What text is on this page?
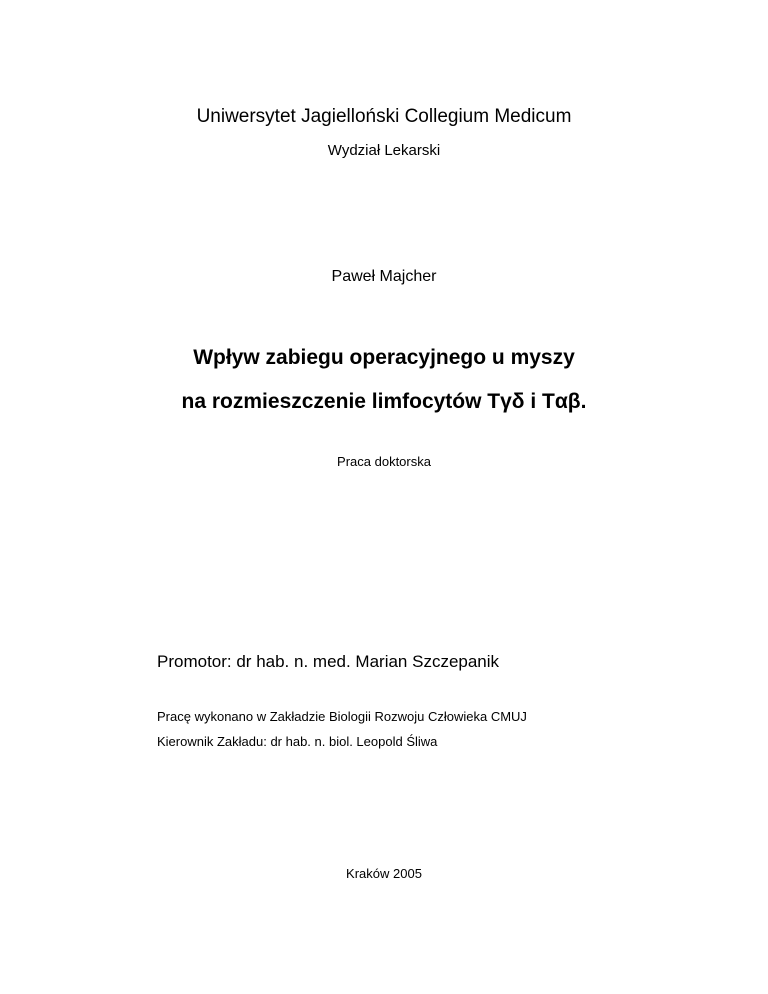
Uniwersytet Jagielloński Collegium Medicum
Wydział Lekarski
Paweł Majcher
Wpływ zabiegu operacyjnego u myszy
na rozmieszczenie limfocytów Tγδ i Tαβ.
Praca doktorska
Promotor: dr hab. n. med. Marian Szczepanik
Pracę wykonano w Zakładzie Biologii Rozwoju Człowieka CMUJ
Kierownik Zakładu: dr hab. n. biol. Leopold Śliwa
Kraków 2005
